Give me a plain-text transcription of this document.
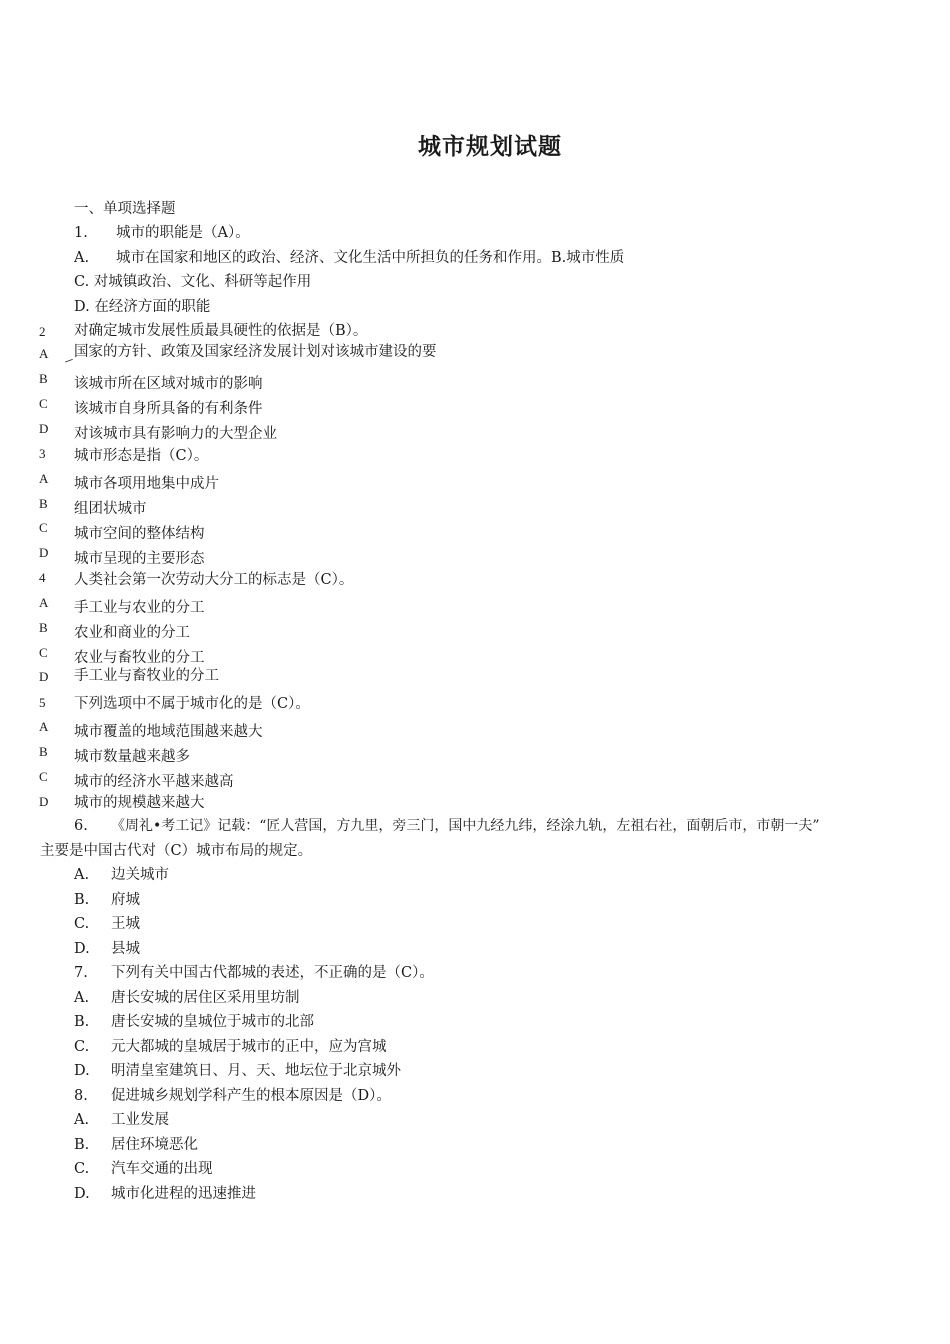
城市规划试题
一、单项选择题
1. 城市的职能是（A）。
A. 城市在国家和地区的政治、经济、文化生活中所担负的任务和作用。B.城市性质
C. 对城镇政治、文化、科研等起作用
D. 在经济方面的职能
2 对确定城市发展性质最具硬性的依据是（B）。
A 国家的方针、政策及国家经济发展计划对该城市建设的要
B 该城市所在区域对城市的影响
C 该城市自身所具备的有利条件
D 对该城市具有影响力的大型企业
3 城市形态是指（C）。
A 城市各项用地集中成片
B 组团状城市
C 城市空间的整体结构
D 城市呈现的主要形态
4 人类社会第一次劳动大分工的标志是（C）。
A 手工业与农业的分工
B 农业和商业的分工
C 农业与畜牧业的分工
D 手工业与畜牧业的分工
5 下列选项中不属于城市化的是（C）。
A 城市覆盖的地域范围越来越大
B 城市数量越来越多
C 城市的经济水平越来越高
D 城市的规模越来越大
6. 《周礼•考工记》记载：“匠人营国，方九里，旁三门，国中九经九纬，经涂九轨，左祖右社，面朝后市，市朝一夫”
主要是中国古代对（C）城市布局的规定。
A. 边关城市
B. 府城
C. 王城
D. 县城
7. 下列有关中国古代都城的表述，不正确的是（C）。
A. 唐长安城的居住区采用里坊制
B. 唐长安城的皇城位于城市的北部
C. 元大都城的皇城居于城市的正中，应为宫城
D. 明清皇室建筑日、月、天、地坛位于北京城外
8. 促进城乡规划学科产生的根本原因是（D）。
A. 工业发展
B. 居住环境恶化
C. 汽车交通的出现
D. 城市化进程的迅速推进
